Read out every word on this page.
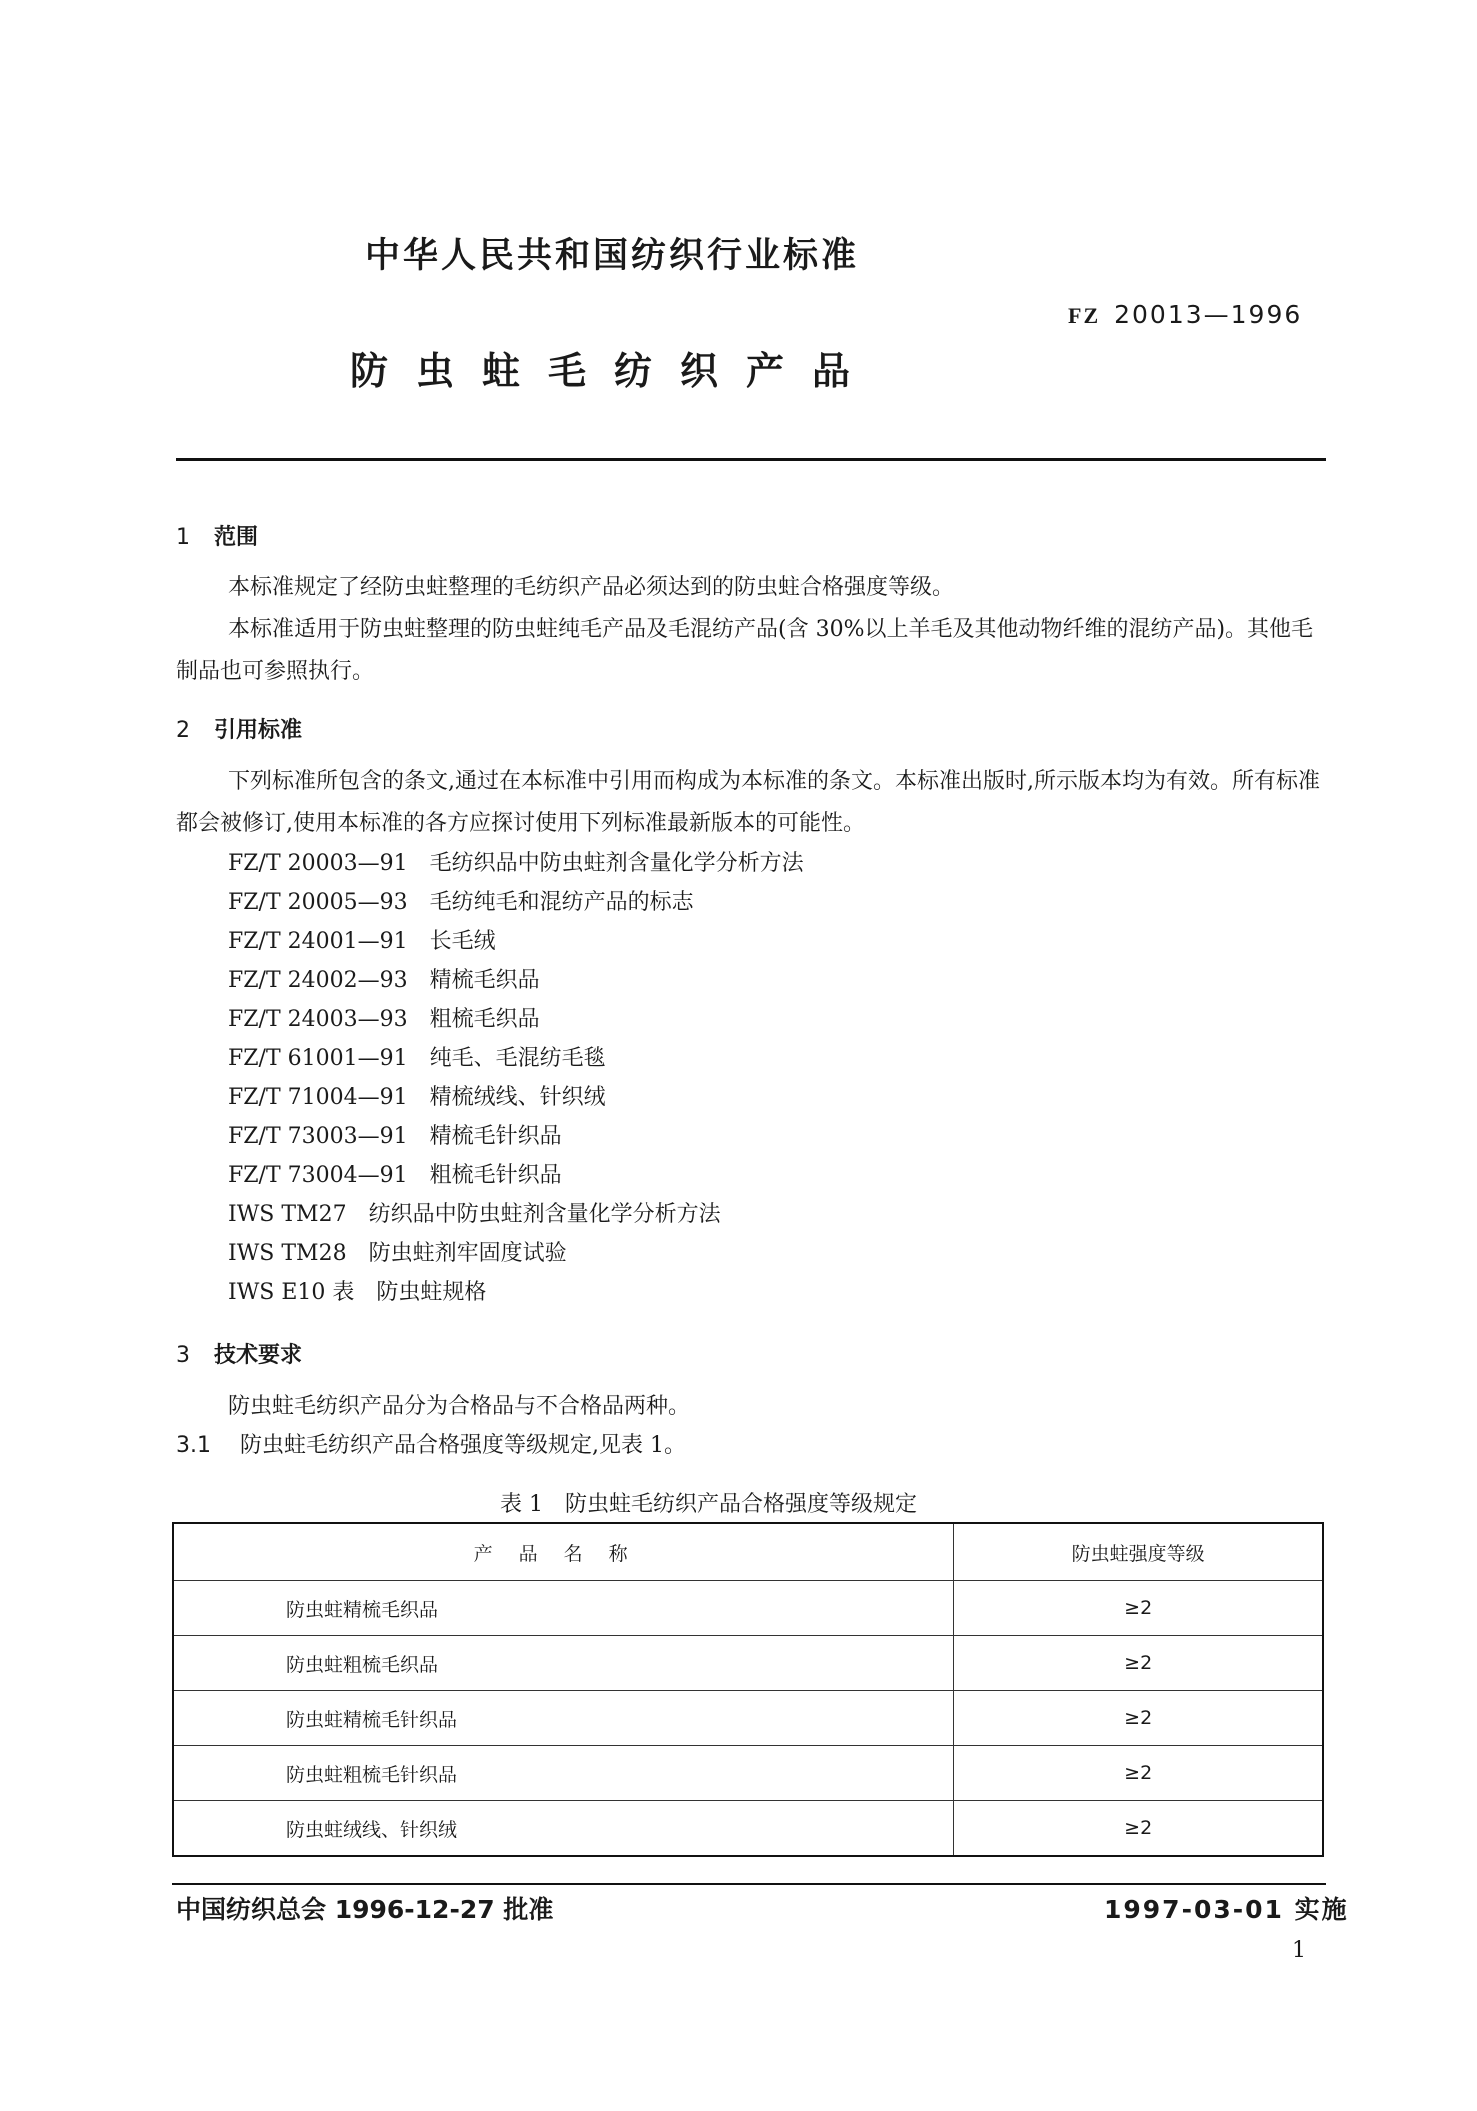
中华人民共和国纺织行业标准
FZ 20013—1996
防虫蛀毛纺织产品
1 范围

本标准规定了经防虫蛀整理的毛纺织产品必须达到的防虫蛀合格强度等级。

本标准适用于防虫蛀整理的防虫蛀纯毛产品及毛混纺产品(含 30%以上羊毛及其他动物纤维的混纺产品)。其他毛制品也可参照执行。

2 引用标准

下列标准所包含的条文,通过在本标准中引用而构成为本标准的条文。本标准出版时,所示版本均为有效。所有标准都会被修订,使用本标准的各方应探讨使用下列标准最新版本的可能性。

FZ/T 20003—91 毛纺织品中防虫蛀剂含量化学分析方法
FZ/T 20005—93 毛纺纯毛和混纺产品的标志
FZ/T 24001—91 长毛绒
FZ/T 24002—93 精梳毛织品
FZ/T 24003—93 粗梳毛织品
FZ/T 61001—91 纯毛、毛混纺毛毯
FZ/T 71004—91 精梳绒线、针织绒
FZ/T 73003—91 精梳毛针织品
FZ/T 73004—91 粗梳毛针织品
IWS TM27 纺织品中防虫蛀剂含量化学分析方法
IWS TM28 防虫蛀剂牢固度试验
IWS E10 表 防虫蛀规格
3 技术要求
防虫蛀毛纺织产品分为合格品与不合格品两种。
3.1 防虫蛀毛纺织产品合格强度等级规定,见表 1。
表 1　防虫蛀毛纺织产品合格强度等级规定
产品名称	防虫蛀强度等级
防虫蛀精梳毛织品	≥2
防虫蛀粗梳毛织品	≥2
防虫蛀精梳毛针织品	≥2
防虫蛀粗梳毛针织品	≥2
防虫蛀绒线、针织绒	≥2
中国纺织总会 1996-12-27 批准	1997-03-01 实施
1
